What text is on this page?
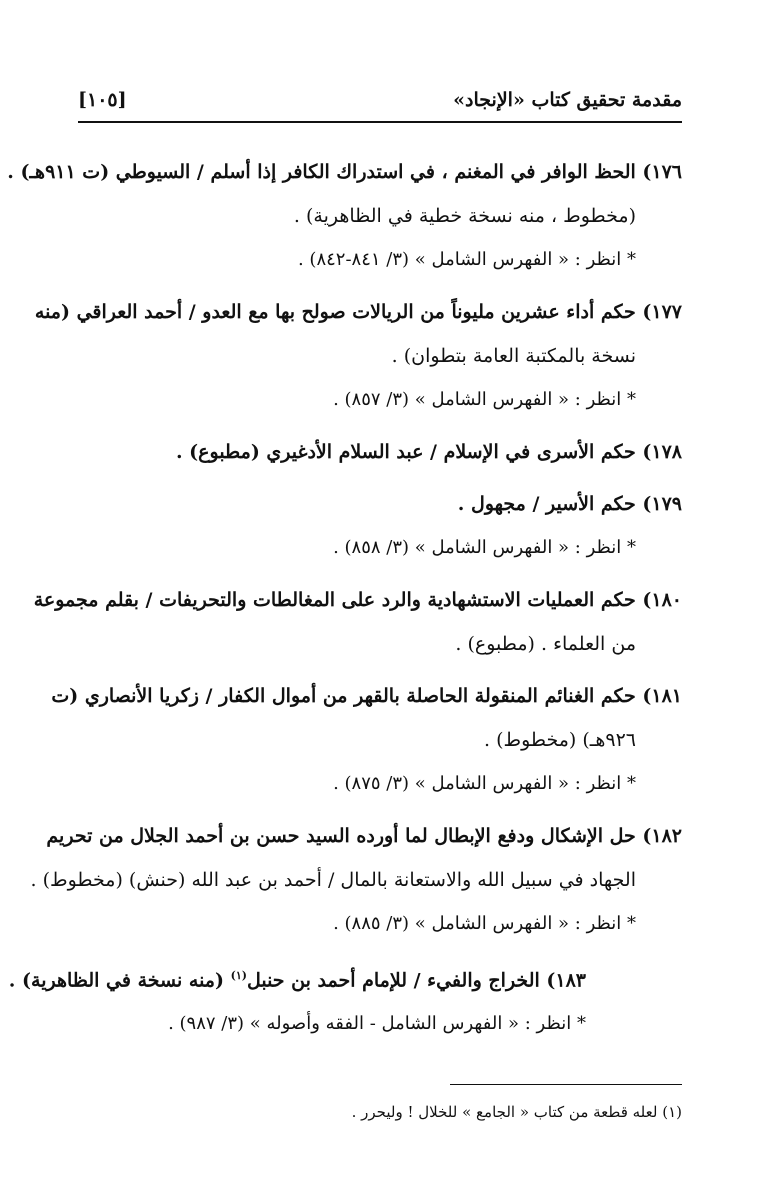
مقدمة تحقيق كتاب «الإنجاد»
[١٠٥]
١٧٦) الحظ الوافر في المغنم ، في استدراك الكافر إذا أسلم / السيوطي (ت ٩١١هـ) .
(مخطوط ، منه نسخة خطية في الظاهرية) .
* انظر : « الفهرس الشامل » (٣/ ٨٤١-٨٤٢) .
١٧٧) حكم أداء عشرين مليوناً من الريالات صولح بها مع العدو / أحمد العراقي (منه
نسخة بالمكتبة العامة بتطوان) .
* انظر : « الفهرس الشامل » (٣/ ٨٥٧) .
١٧٨) حكم الأسرى في الإسلام / عبد السلام الأدغيري (مطبوع) .
١٧٩) حكم الأسير / مجهول .
* انظر : « الفهرس الشامل » (٣/ ٨٥٨) .
١٨٠) حكم العمليات الاستشهادية والرد على المغالطات والتحريفات / بقلم مجموعة
من العلماء . (مطبوع) .
١٨١) حكم الغنائم المنقولة الحاصلة بالقهر من أموال الكفار / زكريا الأنصاري (ت
٩٢٦هـ) (مخطوط) .
* انظر : « الفهرس الشامل » (٣/ ٨٧٥) .
١٨٢) حل الإشكال ودفع الإبطال لما أورده السيد حسن بن أحمد الجلال من تحريم
الجهاد في سبيل الله والاستعانة بالمال / أحمد بن عبد الله (حنش) (مخطوط) .
* انظر : « الفهرس الشامل » (٣/ ٨٨٥) .
١٨٣) الخراج والفيء / للإمام أحمد بن حنبل$^{(١)}$ (منه نسخة في الظاهرية) .
* انظر : « الفهرس الشامل - الفقه وأصوله » (٣/ ٩٨٧) .
(١) لعله قطعة من كتاب « الجامع » للخلال ! وليحرر .
